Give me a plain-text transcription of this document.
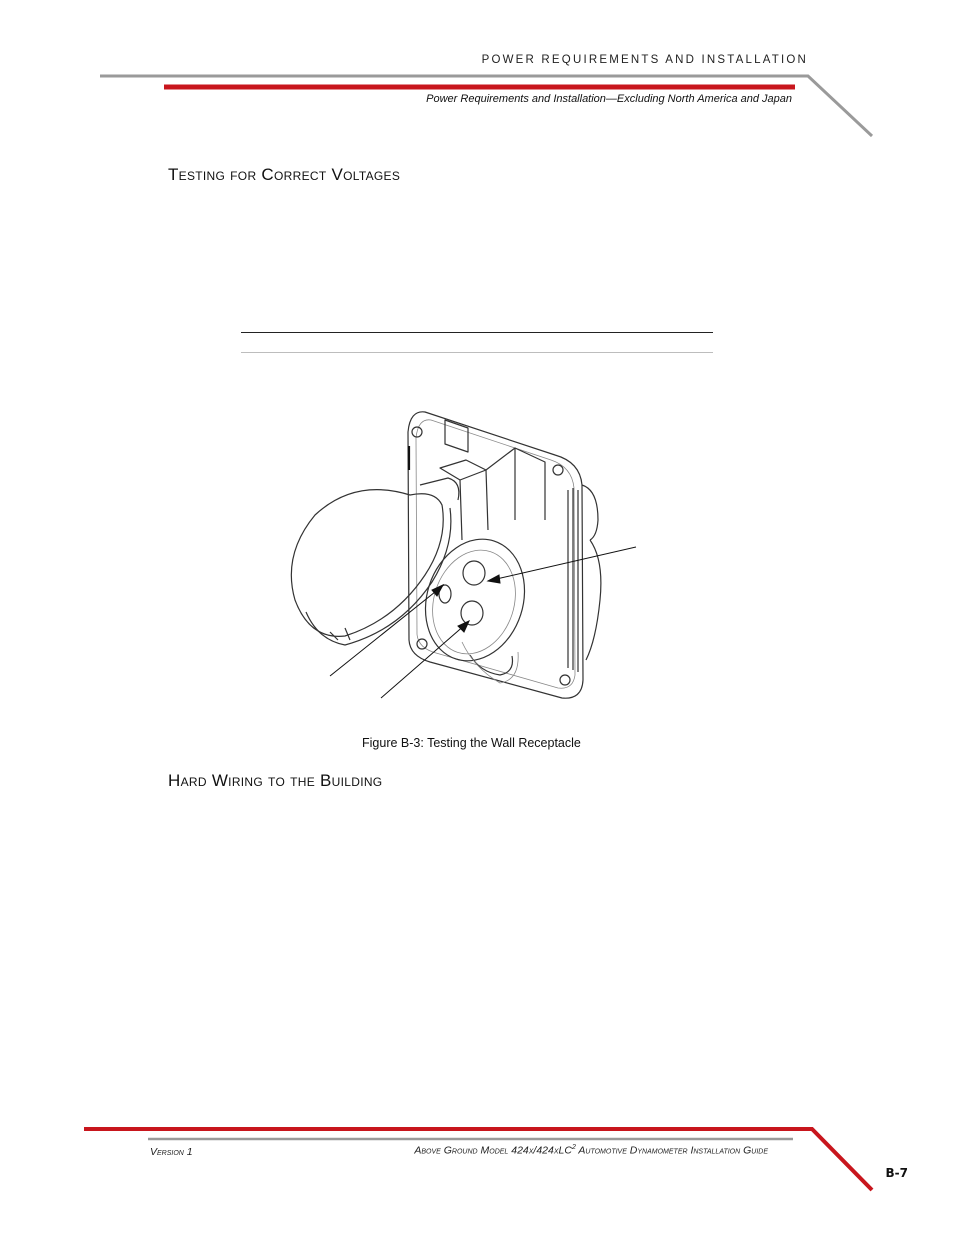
POWER REQUIREMENTS AND INSTALLATION
Power Requirements and Installation—Excluding North America and Japan
Testing for Correct Voltages
Figure B-3: Testing the Wall Receptacle
Hard Wiring to the Building
Version 1	Above Ground Model 424x/424xLC$^2$ Automotive Dynamometer Installation Guide
B-7
